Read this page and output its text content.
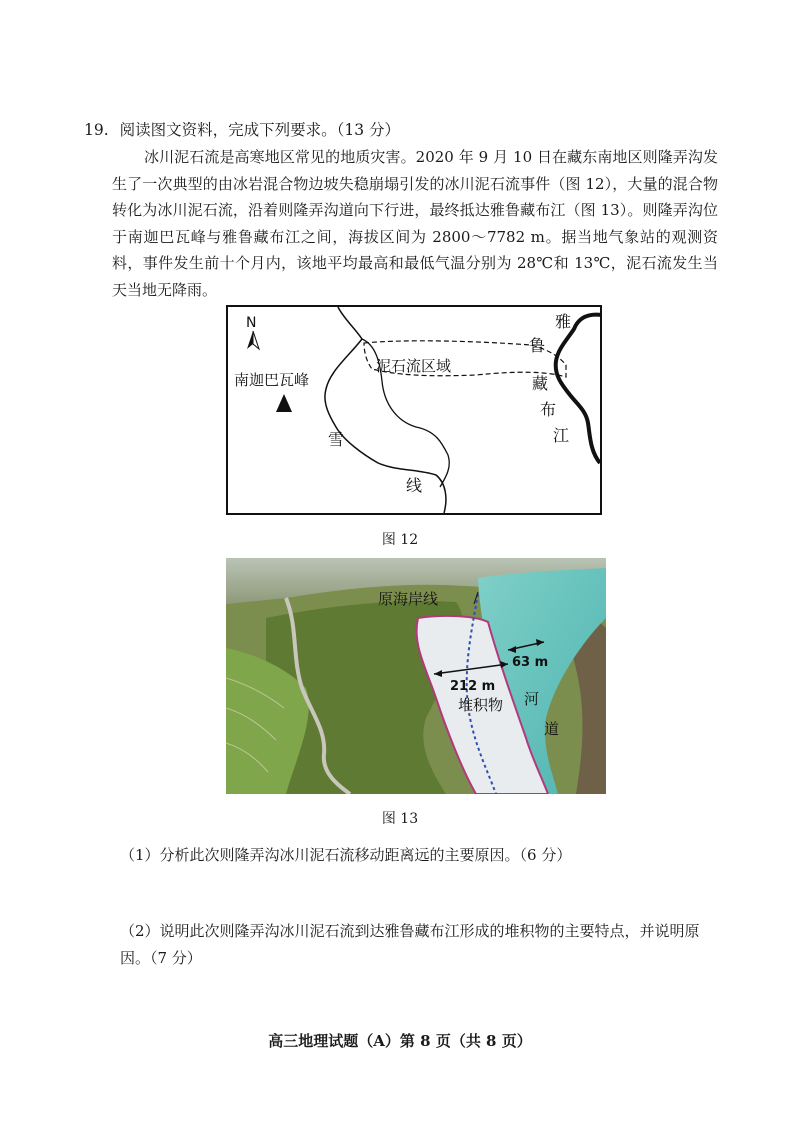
19. 阅读图文资料，完成下列要求。（13 分）

冰川泥石流是高寒地区常见的地质灾害。2020 年 9 月 10 日在藏东南地区则隆弄沟发生了一次典型的由冰岩混合物边坡失稳崩塌引发的冰川泥石流事件（图 12），大量的混合物转化为冰川泥石流，沿着则隆弄沟道向下行进，最终抵达雅鲁藏布江（图 13）。则隆弄沟位于南迦巴瓦峰与雅鲁藏布江之间，海拔区间为 2800～7782 m。据当地气象站的观测资料，事件发生前十个月内，该地平均最高和最低气温分别为 28℃和 13℃，泥石流发生当天当地无降雨。

N
南迦巴瓦峰
雪
线
泥石流区域
雅
鲁
藏
布
江
图 12
原海岸线
63 m
212 m
堆积物 河
道
图 13
（1）分析此次则隆弄沟冰川泥石流移动距离远的主要原因。（6 分）
（2）说明此次则隆弄沟冰川泥石流到达雅鲁藏布江形成的堆积物的主要特点，并说明原因。（7 分）
高三地理试题（A）第 8 页（共 8 页）
